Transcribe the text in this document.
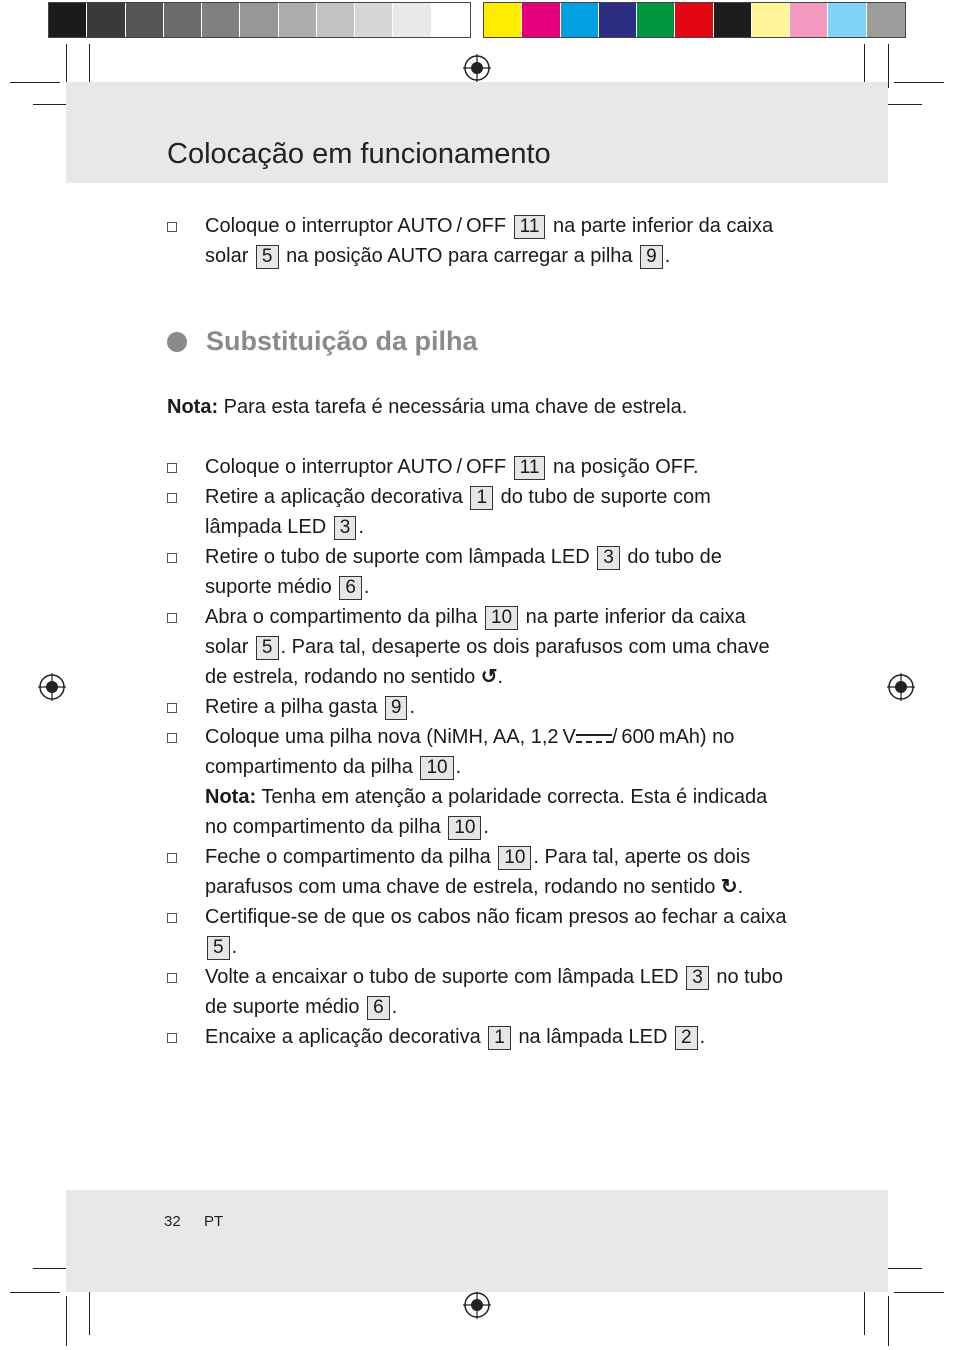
Colocação em funcionamento
Coloque o interruptor AUTO / OFF 11 na parte inferior da caixa solar 5 na posição AUTO para carregar a pilha 9 .
Substituição da pilha
Nota: Para esta tarefa é necessária uma chave de estrela.
Coloque o interruptor AUTO / OFF 11 na posição OFF.
Retire a aplicação decorativa 1 do tubo de suporte com lâmpada LED 3 .
Retire o tubo de suporte com lâmpada LED 3 do tubo de suporte médio 6 .
Abra o compartimento da pilha 10 na parte inferior da caixa solar 5 . Para tal, desaperte os dois parafusos com uma chave de estrela, rodando no sentido ↺.
Retire a pilha gasta 9 .
Coloque uma pilha nova (NiMH, AA, 1,2 V / 600 mAh) no compartimento da pilha 10 .
Nota: Tenha em atenção a polaridade correcta. Esta é indicada no compartimento da pilha 10 .
Feche o compartimento da pilha 10 . Para tal, aperte os dois parafusos com uma chave de estrela, rodando no sentido ↻.
Certifique-se de que os cabos não ficam presos ao fechar a caixa 5 .
Volte a encaixar o tubo de suporte com lâmpada LED 3 no tubo de suporte médio 6 .
Encaixe a aplicação decorativa 1 na lâmpada LED 2 .
32 PT
